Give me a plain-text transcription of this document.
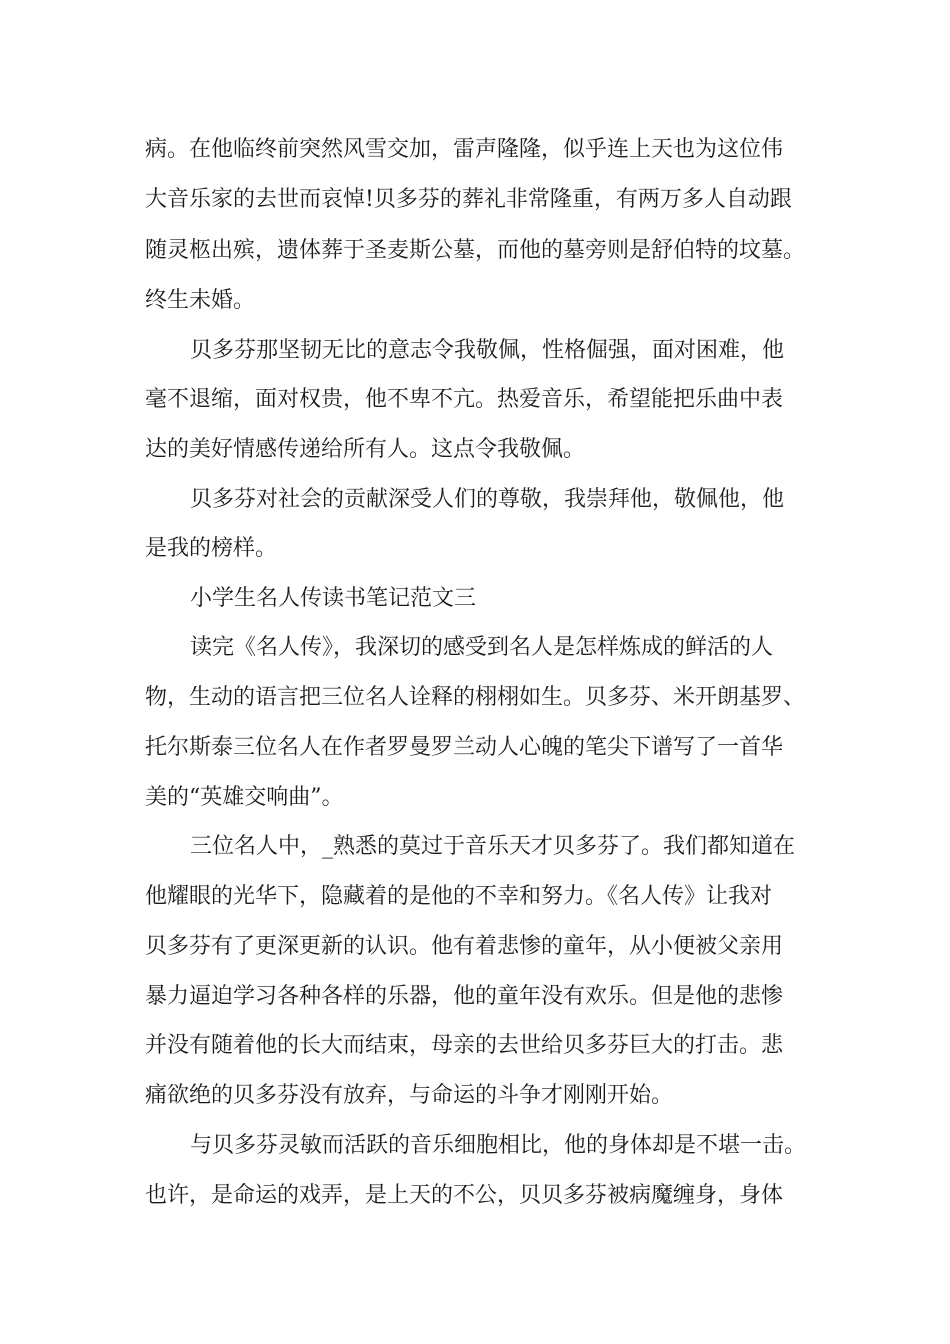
病。在他临终前突然风雪交加，雷声隆隆，似乎连上天也为这位伟
大音乐家的去世而哀悼!贝多芬的葬礼非常隆重，有两万多人自动跟
随灵柩出殡，遗体葬于圣麦斯公墓，而他的墓旁则是舒伯特的坟墓。
终生未婚。
贝多芬那坚韧无比的意志令我敬佩，性格倔强，面对困难，他
毫不退缩，面对权贵，他不卑不亢。热爱音乐，希望能把乐曲中表
达的美好情感传递给所有人。这点令我敬佩。
贝多芬对社会的贡献深受人们的尊敬，我崇拜他，敬佩他，他
是我的榜样。
小学生名人传读书笔记范文三
读完《名人传》，我深切的感受到名人是怎样炼成的鲜活的人
物，生动的语言把三位名人诠释的栩栩如生。贝多芬、米开朗基罗、
托尔斯泰三位名人在作者罗曼罗兰动人心魄的笔尖下谱写了一首华
美的“英雄交响曲”。
三位名人中，_熟悉的莫过于音乐天才贝多芬了。我们都知道在
他耀眼的光华下，隐藏着的是他的不幸和努力。《名人传》让我对
贝多芬有了更深更新的认识。他有着悲惨的童年，从小便被父亲用
暴力逼迫学习各种各样的乐器，他的童年没有欢乐。但是他的悲惨
并没有随着他的长大而结束，母亲的去世给贝多芬巨大的打击。悲
痛欲绝的贝多芬没有放弃，与命运的斗争才刚刚开始。
与贝多芬灵敏而活跃的音乐细胞相比，他的身体却是不堪一击。
也许，是命运的戏弄，是上天的不公，贝贝多芬被病魔缠身，身体
